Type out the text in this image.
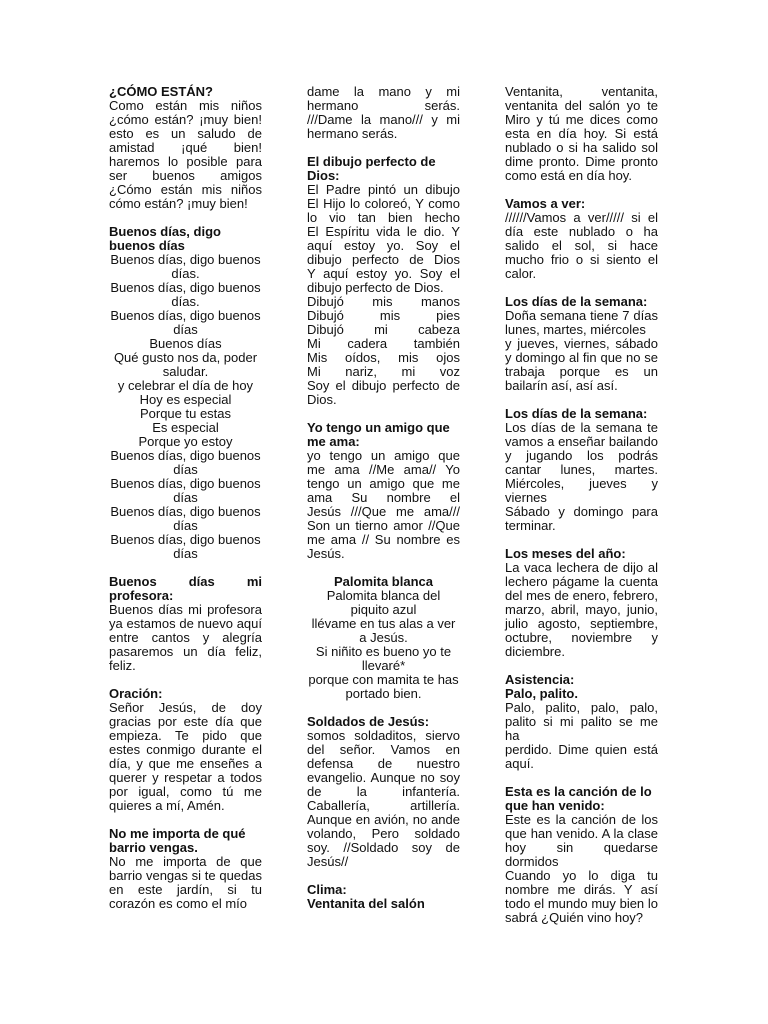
¿CÓMO ESTÁN?
Como están mis niños
¿cómo están? ¡muy bien!
esto es un saludo de
amistad ¡qué bien!
haremos lo posible para
ser buenos amigos
¿Cómo están mis niños
cómo están? ¡muy bien!
Buenos días, digo
buenos días
Buenos días, digo buenos
días.
Buenos días, digo buenos
días.
Buenos días, digo buenos
días
Buenos días
Qué gusto nos da, poder
saludar.
y celebrar el día de hoy
Hoy es especial
Porque tu estas
Es especial
Porque yo estoy
Buenos días, digo buenos
días
Buenos días, digo buenos
días
Buenos días, digo buenos
días
Buenos días, digo buenos
días
Buenos días mi
profesora:
Buenos días mi profesora
ya estamos de nuevo aquí
entre cantos y alegría
pasaremos un día feliz,
feliz.
Oración:
Señor Jesús, de doy
gracias por este día que
empieza. Te pido que
estes conmigo durante el
día, y que me enseñes a
querer y respetar a todos
por igual, como tú me
quieres a mí, Amén.
No me importa de qué
barrio vengas.
No me importa de que
barrio vengas si te quedas
en este jardín, si tu
corazón es como el mío
dame la mano y mi
hermano serás.
///Dame la mano/// y mi
hermano serás.
El dibujo perfecto de
Dios:
El Padre pintó un dibujo
El Hijo lo coloreó, Y como
lo vio tan bien hecho
El Espíritu vida le dio. Y
aquí estoy yo. Soy el
dibujo perfecto de Dios
Y aquí estoy yo. Soy el
dibujo perfecto de Dios.
Dibujó mis manos
Dibujó mis pies
Dibujó mi cabeza
Mi cadera también
Mis oídos, mis ojos
Mi nariz, mi voz
Soy el dibujo perfecto de
Dios.
Yo tengo un amigo que
me ama:
yo tengo un amigo que
me ama //Me ama// Yo
tengo un amigo que me
ama Su nombre el
Jesús ///Que me ama///
Son un tierno amor //Que
me ama // Su nombre es
Jesús.
Palomita blanca
Palomita blanca del
piquito azul
llévame en tus alas a ver
a Jesús.
Si niñito es bueno yo te
llevaré*
porque con mamita te has
portado bien.
Soldados de Jesús:
somos soldaditos, siervo
del señor. Vamos en
defensa de nuestro
evangelio. Aunque no soy
de la infantería.
Caballería, artillería.
Aunque en avión, no ande
volando, Pero soldado
soy. //Soldado soy de
Jesús//
Clima:
Ventanita del salón
Ventanita, ventanita,
ventanita del salón yo te
Miro y tú me dices como
esta en día hoy. Si está
nublado o si ha salido sol
dime pronto. Dime pronto
como está en día hoy.
Vamos a ver:
//////Vamos a ver///// si el
día este nublado o ha
salido el sol, si hace
mucho frio o si siento el
calor.
Los días de la semana:
Doña semana tiene 7 días
lunes, martes, miércoles
y jueves, viernes, sábado
y domingo al fin que no se
trabaja porque es un
bailarín así, así así.
Los días de la semana:
Los días de la semana te
vamos a enseñar bailando
y jugando los podrás
cantar lunes, martes.
Miércoles, jueves y
viernes
Sábado y domingo para
terminar.
Los meses del año:
La vaca lechera de dijo al
lechero págame la cuenta
del mes de enero, febrero,
marzo, abril, mayo, junio,
julio agosto, septiembre,
octubre, noviembre y
diciembre.
Asistencia:
Palo, palito.
Palo, palito, palo, palo,
palito si mi palito se me ha
perdido. Dime quien está
aquí.
Esta es la canción de lo
que han venido:
Este es la canción de los
que han venido. A la clase
hoy sin quedarse
dormidos
Cuando yo lo diga tu
nombre me dirás. Y así
todo el mundo muy bien lo
sabrá ¿Quién vino hoy?
